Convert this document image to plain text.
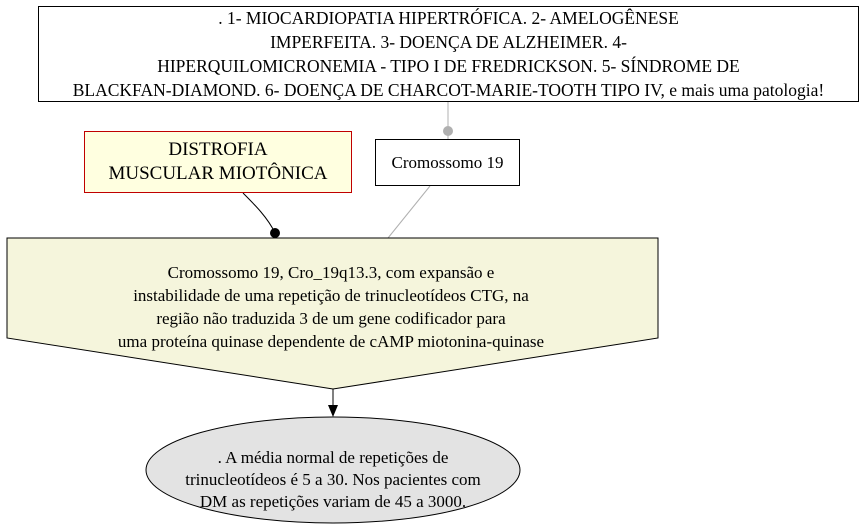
. 1- MIOCARDIOPATIA HIPERTRÓFICA. 2- AMELOGÊNESE
IMPERFEITA. 3- DOENÇA DE ALZHEIMER. 4-
HIPERQUILOMICRONEMIA - TIPO I DE FREDRICKSON. 5- SÍNDROME DE
BLACKFAN-DIAMOND. 6- DOENÇA DE CHARCOT-MARIE-TOOTH TIPO IV, e mais uma patologia!
DISTROFIA
MUSCULAR MIOTÔNICA
Cromossomo 19
Cromossomo 19, Cro_19q13.3, com expansão e
instabilidade de uma repetição de trinucleotídeos CTG, na
região não traduzida 3 de um gene codificador para
uma proteína quinase dependente de cAMP miotonina-quinase
. A média normal de repetições de
trinucleotídeos é 5 a 30. Nos pacientes com
DM as repetições variam de 45 a 3000.
